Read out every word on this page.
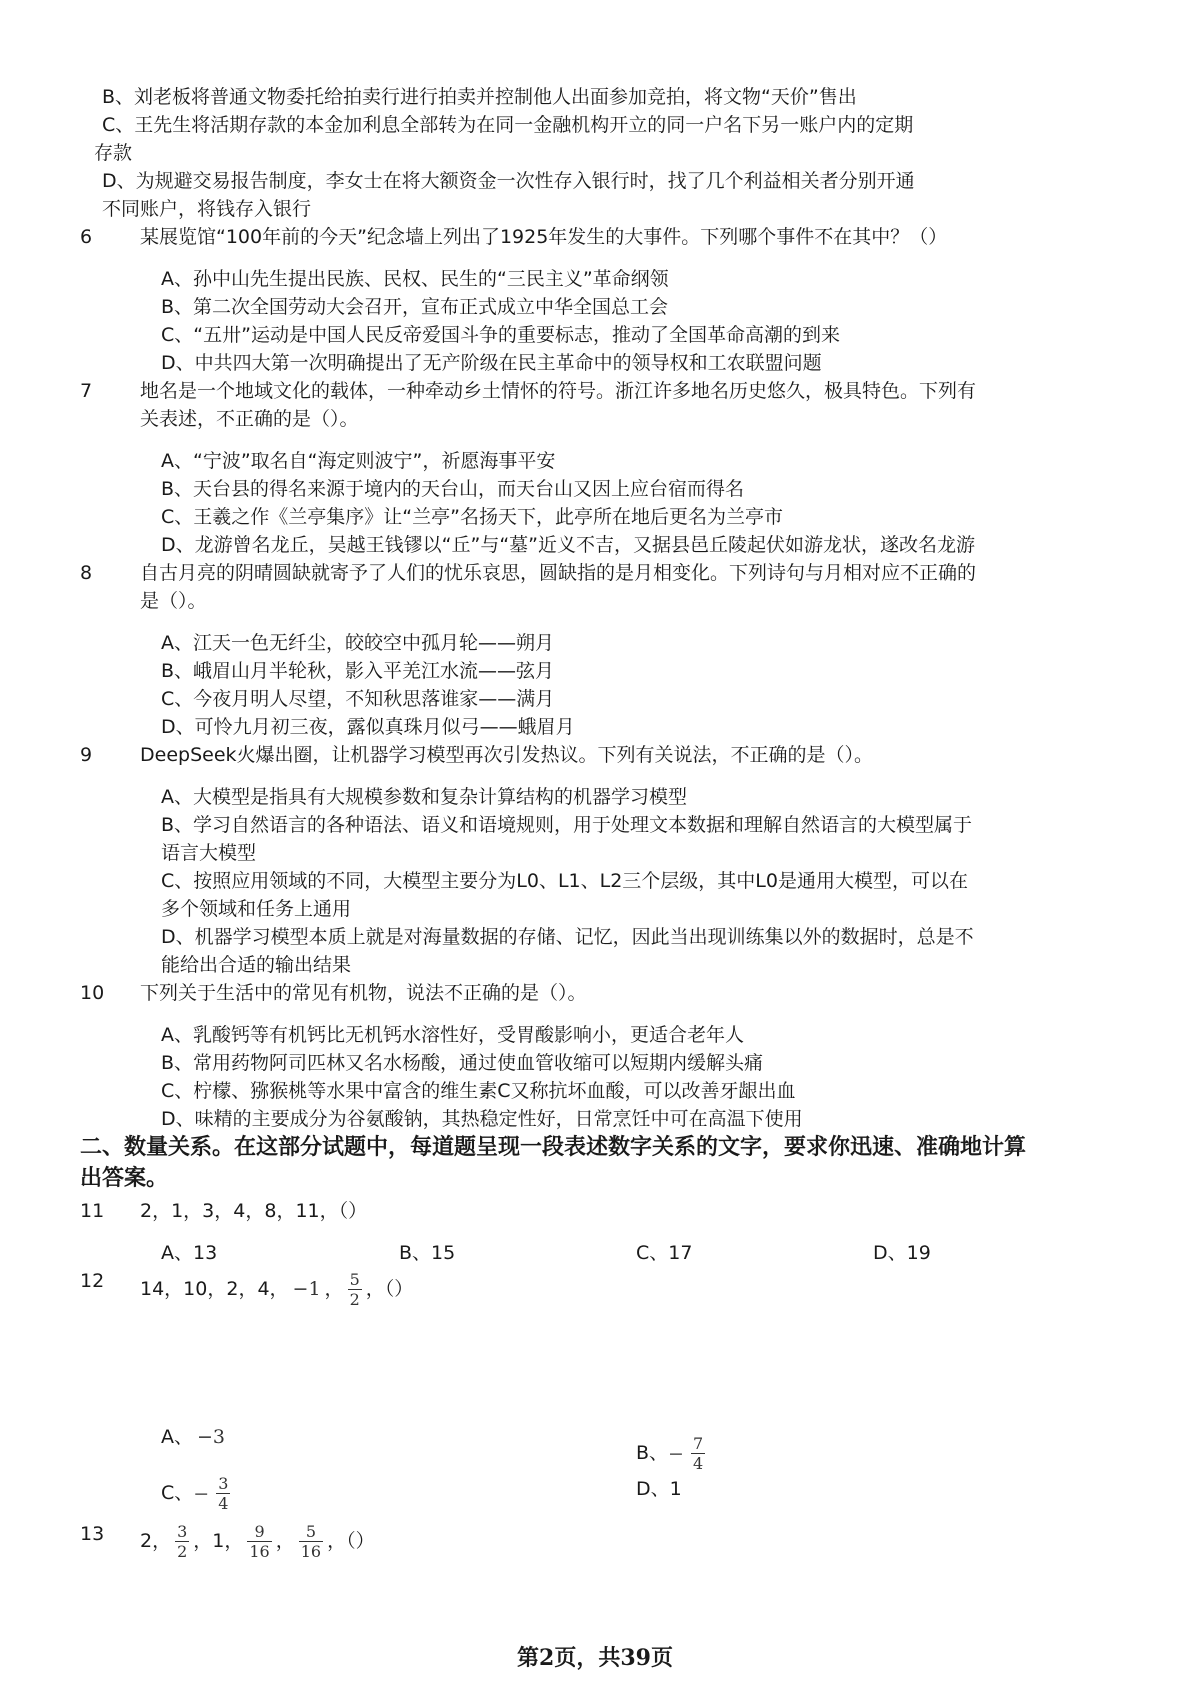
B、刘老板将普通文物委托给拍卖行进行拍卖并控制他人出面参加竞拍，将文物“天价”售出
C、王先生将活期存款的本金加利息全部转为在同一金融机构开立的同一户名下另一账户内的定期
存款
D、为规避交易报告制度，李女士在将大额资金一次性存入银行时，找了几个利益相关者分别开通
不同账户，将钱存入银行
6	某展览馆“100年前的今天”纪念墙上列出了1925年发生的大事件。下列哪个事件不在其中？（）
A、孙中山先生提出民族、民权、民生的“三民主义”革命纲领
B、第二次全国劳动大会召开，宣布正式成立中华全国总工会
C、“五卅”运动是中国人民反帝爱国斗争的重要标志，推动了全国革命高潮的到来
D、中共四大第一次明确提出了无产阶级在民主革命中的领导权和工农联盟问题
7	地名是一个地域文化的载体，一种牵动乡土情怀的符号。浙江许多地名历史悠久，极具特色。下列有
关表述，不正确的是（）。
A、“宁波”取名自“海定则波宁”，祈愿海事平安
B、天台县的得名来源于境内的天台山，而天台山又因上应台宿而得名
C、王羲之作《兰亭集序》让“兰亭”名扬天下，此亭所在地后更名为兰亭市
D、龙游曾名龙丘，吴越王钱镠以“丘”与“墓”近义不吉，又据县邑丘陵起伏如游龙状，遂改名龙游
8	自古月亮的阴晴圆缺就寄予了人们的忧乐哀思，圆缺指的是月相变化。下列诗句与月相对应不正确的
是（）。
A、江天一色无纤尘，皎皎空中孤月轮——朔月
B、峨眉山月半轮秋，影入平羌江水流——弦月
C、今夜月明人尽望，不知秋思落谁家——满月
D、可怜九月初三夜，露似真珠月似弓——蛾眉月
9	DeepSeek火爆出圈，让机器学习模型再次引发热议。下列有关说法，不正确的是（）。
A、大模型是指具有大规模参数和复杂计算结构的机器学习模型
B、学习自然语言的各种语法、语义和语境规则，用于处理文本数据和理解自然语言的大模型属于
语言大模型
C、按照应用领域的不同，大模型主要分为L0、L1、L2三个层级，其中L0是通用大模型，可以在
多个领域和任务上通用
D、机器学习模型本质上就是对海量数据的存储、记忆，因此当出现训练集以外的数据时，总是不
能给出合适的输出结果
10 下列关于生活中的常见有机物，说法不正确的是（）。
A、乳酸钙等有机钙比无机钙水溶性好，受胃酸影响小，更适合老年人
B、常用药物阿司匹林又名水杨酸，通过使血管收缩可以短期内缓解头痛
C、柠檬、猕猴桃等水果中富含的维生素C又称抗坏血酸，可以改善牙龈出血
D、味精的主要成分为谷氨酸钠，其热稳定性好，日常烹饪中可在高温下使用
二、数量关系。在这部分试题中，每道题呈现一段表述数字关系的文字，要求你迅速、准确地计算
出答案。
11 2，1，3，4，8，11，（）
A、13	B、15	C、17	D、19
12 14，10，2，4， −1 ， $\frac{5}{2}$ ，（）
A、 −3
B、− $\frac{7}{4}$
C、− $\frac{3}{4}$	D、1
13 2， $\frac{3}{2}$ ，1， $\frac{9}{16}$ ， $\frac{5}{16}$ ，（）
第2页，共39页
